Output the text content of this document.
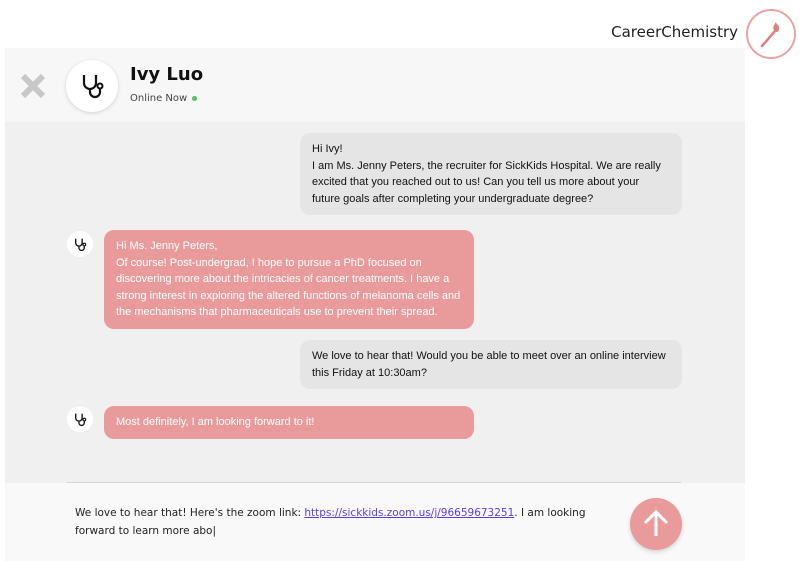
CareerChemistry
Ivy Luo
Online Now
Hi Ivy!
I am Ms. Jenny Peters, the recruiter for SickKids Hospital. We are really excited that you reached out to us! Can you tell us more about your future goals after completing your undergraduate degree?
Hi Ms. Jenny Peters,
Of course! Post-undergrad, I hope to pursue a PhD focused on discovering more about the intricacies of cancer treatments. I have a strong interest in exploring the altered functions of melanoma cells and the mechanisms that pharmaceuticals use to prevent their spread.
We love to hear that! Would you be able to meet over an online interview this Friday at 10:30am?
Most definitely, I am looking forward to it!
We love to hear that! Here's the zoom link: https://sickkids.zoom.us/j/96659673251. I am looking forward to learn more abo|
